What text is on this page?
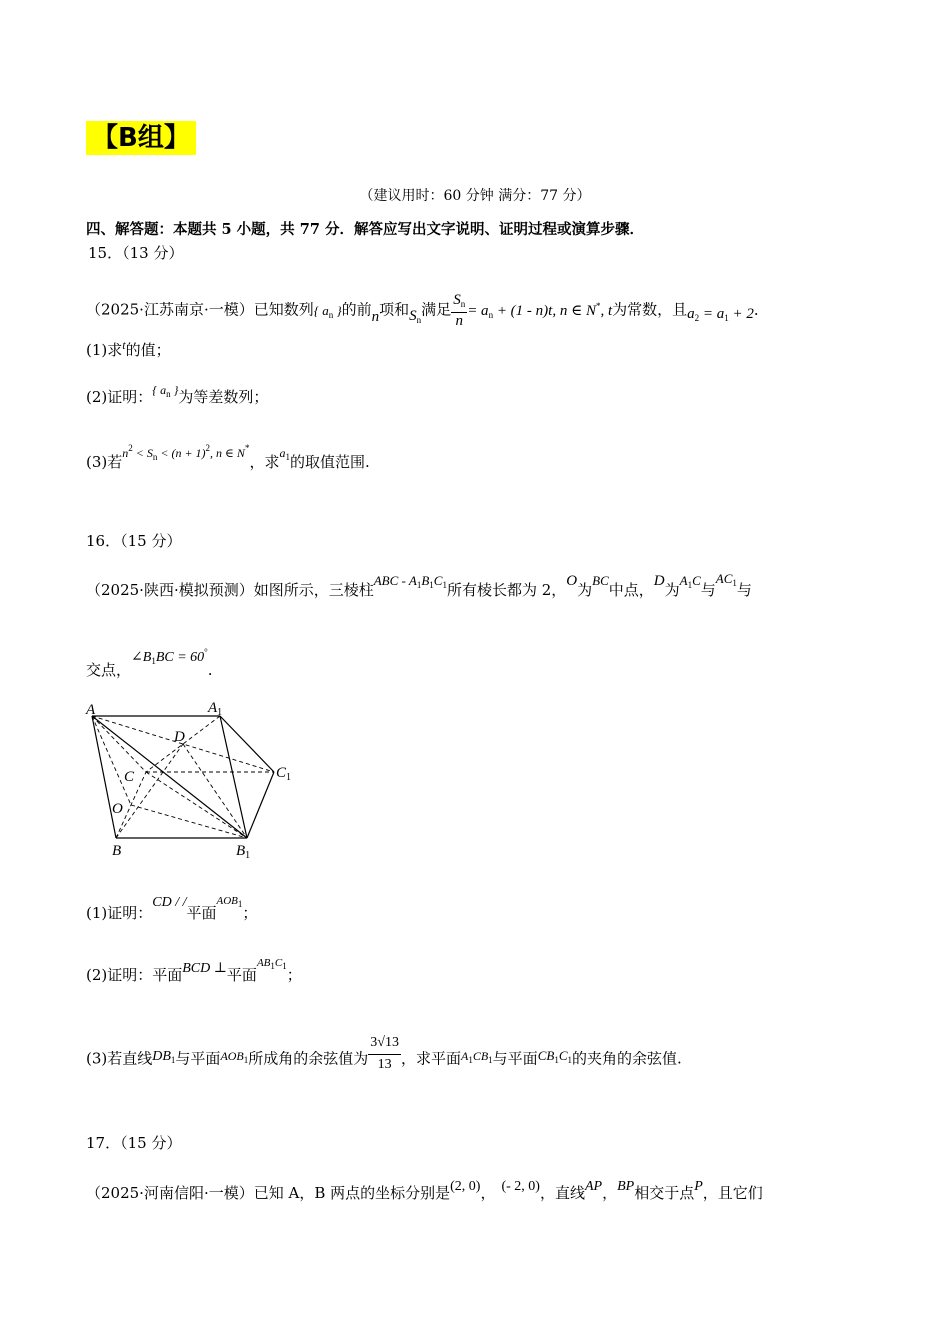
【B组】
（建议用时：60 分钟 满分：77 分）
四、解答题：本题共 5 小题，共 77 分．解答应写出文字说明、证明过程或演算步骤．
15．（13 分）
（2025·江苏南京·一模）已知数列{ $a_n$ }的前n项和$S_n$满足 $\frac{S_n}{n} = a_n + (1 - n)t$, n ∈ N*, t为常数，且$a_2 = a_1 + 2$．
(1)求$^t$的值；
(2)证明：$^{\{ a_n \}}$为等差数列；
(3)若$^{n^2 < S_n < (n + 1)^2, n \in N^*}$，求$^{a_1}$的取值范围.
16．（15 分）
（2025·陕西·模拟预测）如图所示，三棱柱ABC - $A_1B_1C_1$所有棱长都为 2，O为BC中点，D为$A_1C$与$AC_1$与
交点，$\angle B_1BC = 60^\circ$.
A	$A_1$
D
C	$C_1$
O
B	$B_1$
(1)证明：CD / /平面$^{AOB_1}$；
(2)证明：平面BCD ⊥平面$^{AB_1C_1}$；
(3)若直线$DB_1$与平面$^{AOB_1}$所成角的余弦值为 $\frac{3√13}{13}$ ，求平面$^{A_1CB_1}$与平面$CB_1C_1$的夹角的余弦值.
17．（15 分）
（2025·河南信阳·一模）已知 A，B 两点的坐标分别是(2, 0)， (- 2, 0)，直线AP，BP相交于点P，且它们
